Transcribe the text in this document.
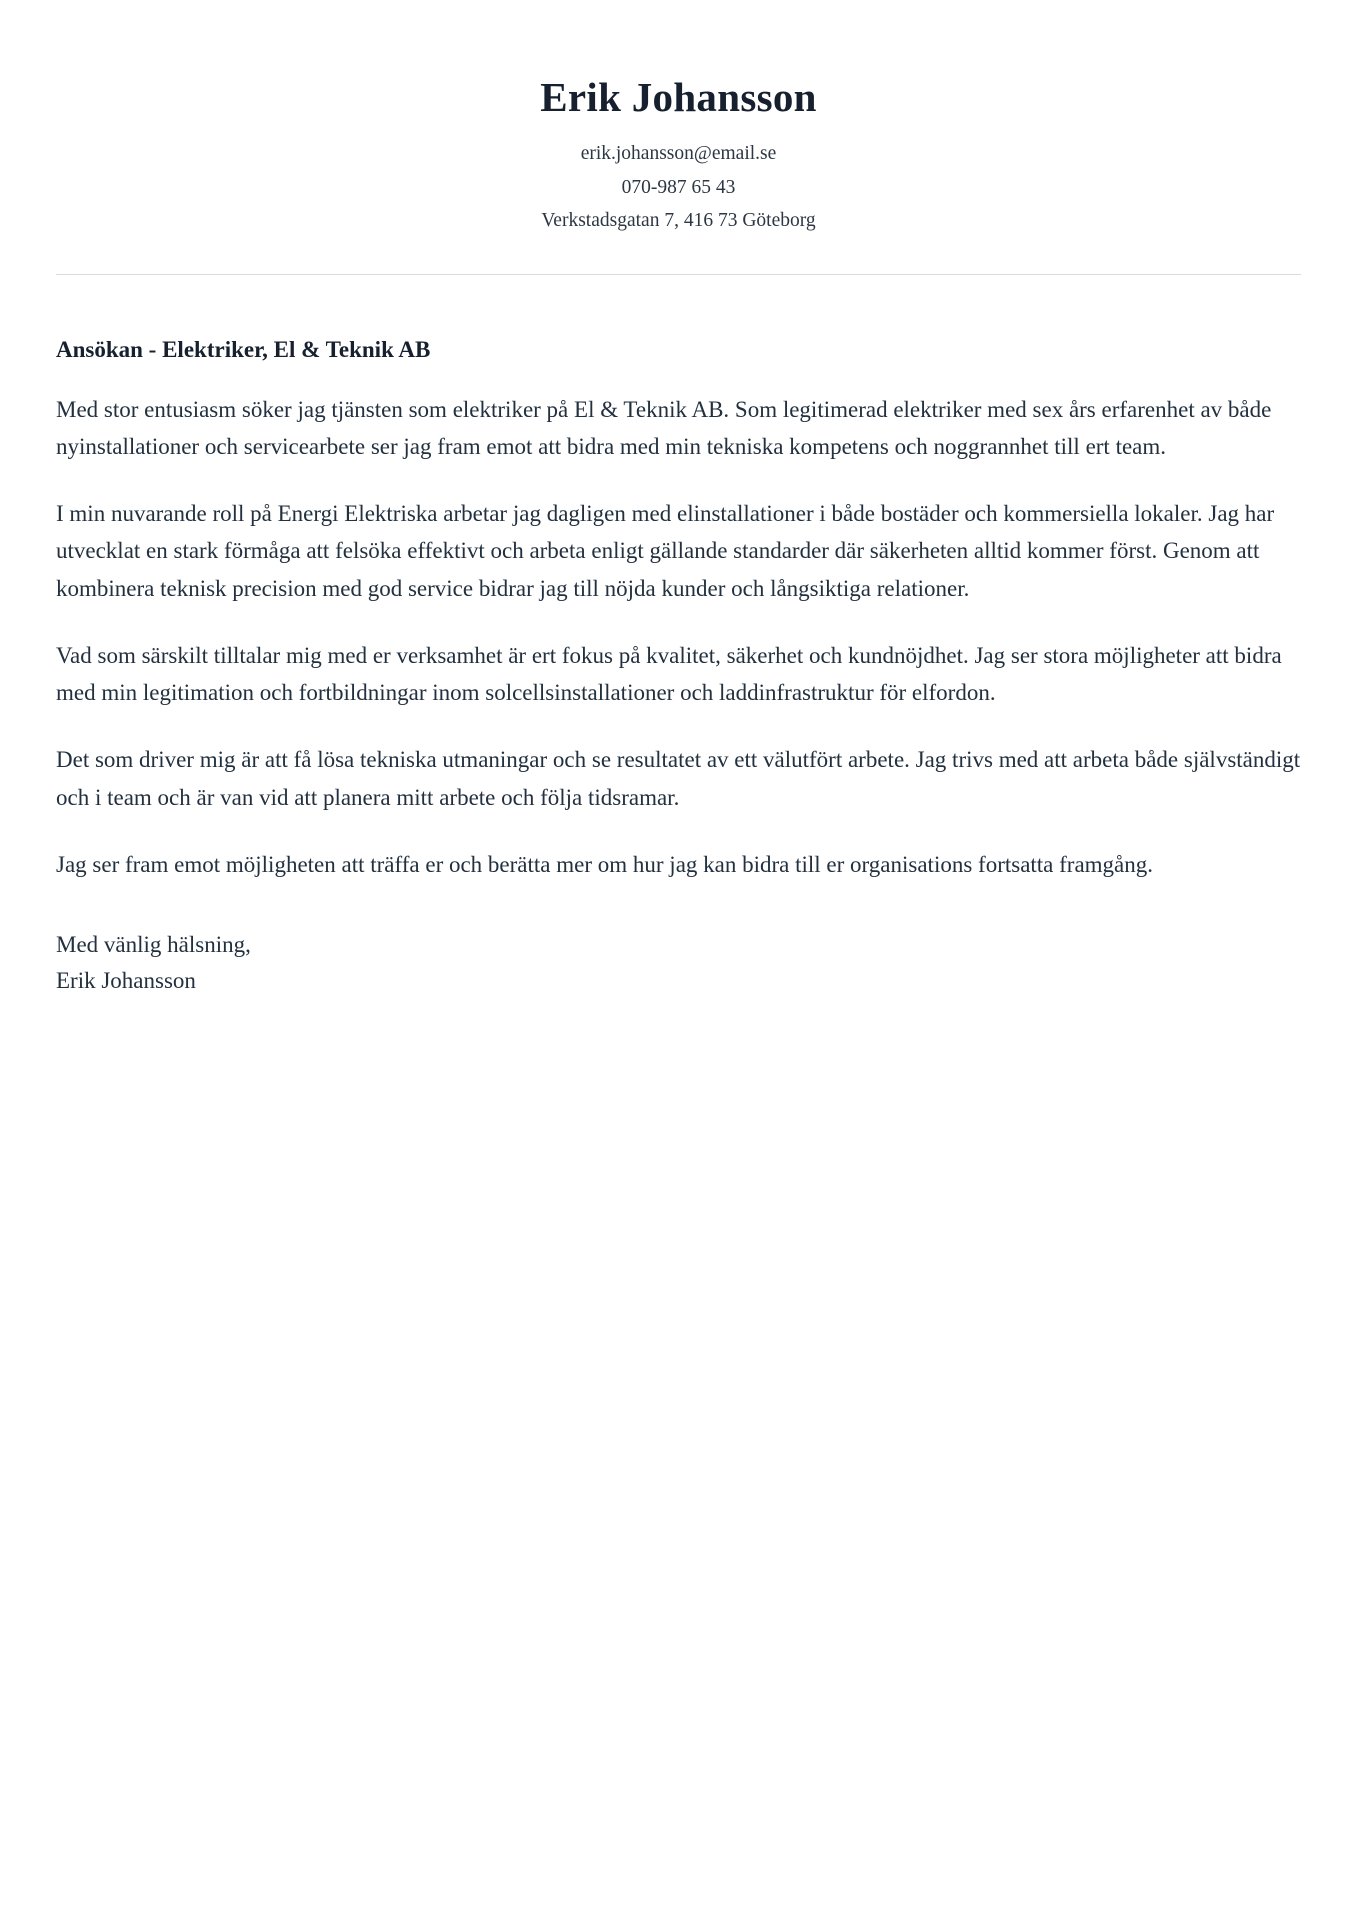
Erik Johansson

erik.johansson@email.se

070-987 65 43

Verkstadsgatan 7, 416 73 Göteborg

Ansökan - Elektriker, El & Teknik AB

Med stor entusiasm söker jag tjänsten som elektriker på El & Teknik AB. Som legitimerad elektriker med sex års erfarenhet av både nyinstallationer och servicearbete ser jag fram emot att bidra med min tekniska kompetens och noggrannhet till ert team.

I min nuvarande roll på Energi Elektriska arbetar jag dagligen med elinstallationer i både bostäder och kommersiella lokaler. Jag har utvecklat en stark förmåga att felsöka effektivt och arbeta enligt gällande standarder där säkerheten alltid kommer först. Genom att kombinera teknisk precision med god service bidrar jag till nöjda kunder och långsiktiga relationer.

Vad som särskilt tilltalar mig med er verksamhet är ert fokus på kvalitet, säkerhet och kundnöjdhet. Jag ser stora möjligheter att bidra med min legitimation och fortbildningar inom solcellsinstallationer och laddinfrastruktur för elfordon.

Det som driver mig är att få lösa tekniska utmaningar och se resultatet av ett välutfört arbete. Jag trivs med att arbeta både självständigt och i team och är van vid att planera mitt arbete och följa tidsramar.

Jag ser fram emot möjligheten att träffa er och berätta mer om hur jag kan bidra till er organisations fortsatta framgång.

Med vänlig hälsning,

Erik Johansson
